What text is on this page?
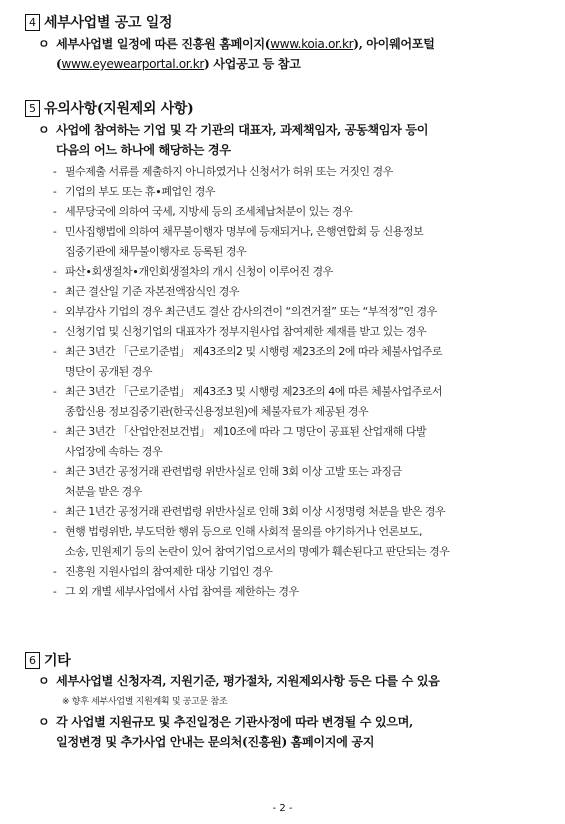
4 세부사업별 공고 일정
ㅇ 세부사업별 일정에 따른 진흥원 홈페이지(www.koia.or.kr), 아이웨어포털
(www.eyewearportal.or.kr) 사업공고 등 참고
5 유의사항(지원제외 사항)
ㅇ 사업에 참여하는 기업 및 각 기관의 대표자, 과제책임자, 공동책임자 등이
다음의 어느 하나에 해당하는 경우
- 필수제출 서류를 제출하지 아니하였거나 신청서가 허위 또는 거짓인 경우
- 기업의 부도 또는 휴∙폐업인 경우
- 세무당국에 의하여 국세, 지방세 등의 조세체납처분이 있는 경우
- 민사집행법에 의하여 채무불이행자 명부에 등재되거나, 은행연합회 등 신용정보
집중기관에 채무불이행자로 등록된 경우
- 파산∙회생절차∙개인회생절차의 개시 신청이 이루어진 경우
- 최근 결산일 기준 자본전액잠식인 경우
- 외부감사 기업의 경우 최근년도 결산 감사의견이 “의견거절” 또는 “부적정”인 경우
- 신청기업 및 신청기업의 대표자가 정부지원사업 참여제한 제재를 받고 있는 경우
- 최근 3년간 「근로기준법」 제43조의2 및 시행령 제23조의 2에 따라 체불사업주로
명단이 공개된 경우
- 최근 3년간 「근로기준법」 제43조3 및 시행령 제23조의 4에 따른 체불사업주로서
종합신용 정보집중기관(한국신용정보원)에 체불자료가 제공된 경우
- 최근 3년간 「산업안전보건법」 제10조에 따라 그 명단이 공표된 산업재해 다발
사업장에 속하는 경우
- 최근 3년간 공정거래 관련법령 위반사실로 인해 3회 이상 고발 또는 과징금
처분을 받은 경우
- 최근 1년간 공정거래 관련법령 위반사실로 인해 3회 이상 시정명령 처분을 받은 경우
- 현행 법령위반, 부도덕한 행위 등으로 인해 사회적 물의를 야기하거나 언론보도,
소송, 민원제기 등의 논란이 있어 참여기업으로서의 명예가 훼손된다고 판단되는 경우
- 진흥원 지원사업의 참여제한 대상 기업인 경우
- 그 외 개별 세부사업에서 사업 참여를 제한하는 경우
6 기타
ㅇ 세부사업별 신청자격, 지원기준, 평가절차, 지원제외사항 등은 다를 수 있음
※ 향후 세부사업별 지원계획 및 공고문 참조
ㅇ 각 사업별 지원규모 및 추진일정은 기관사정에 따라 변경될 수 있으며,
일정변경 및 추가사업 안내는 문의처(진흥원) 홈페이지에 공지
- 2 -
